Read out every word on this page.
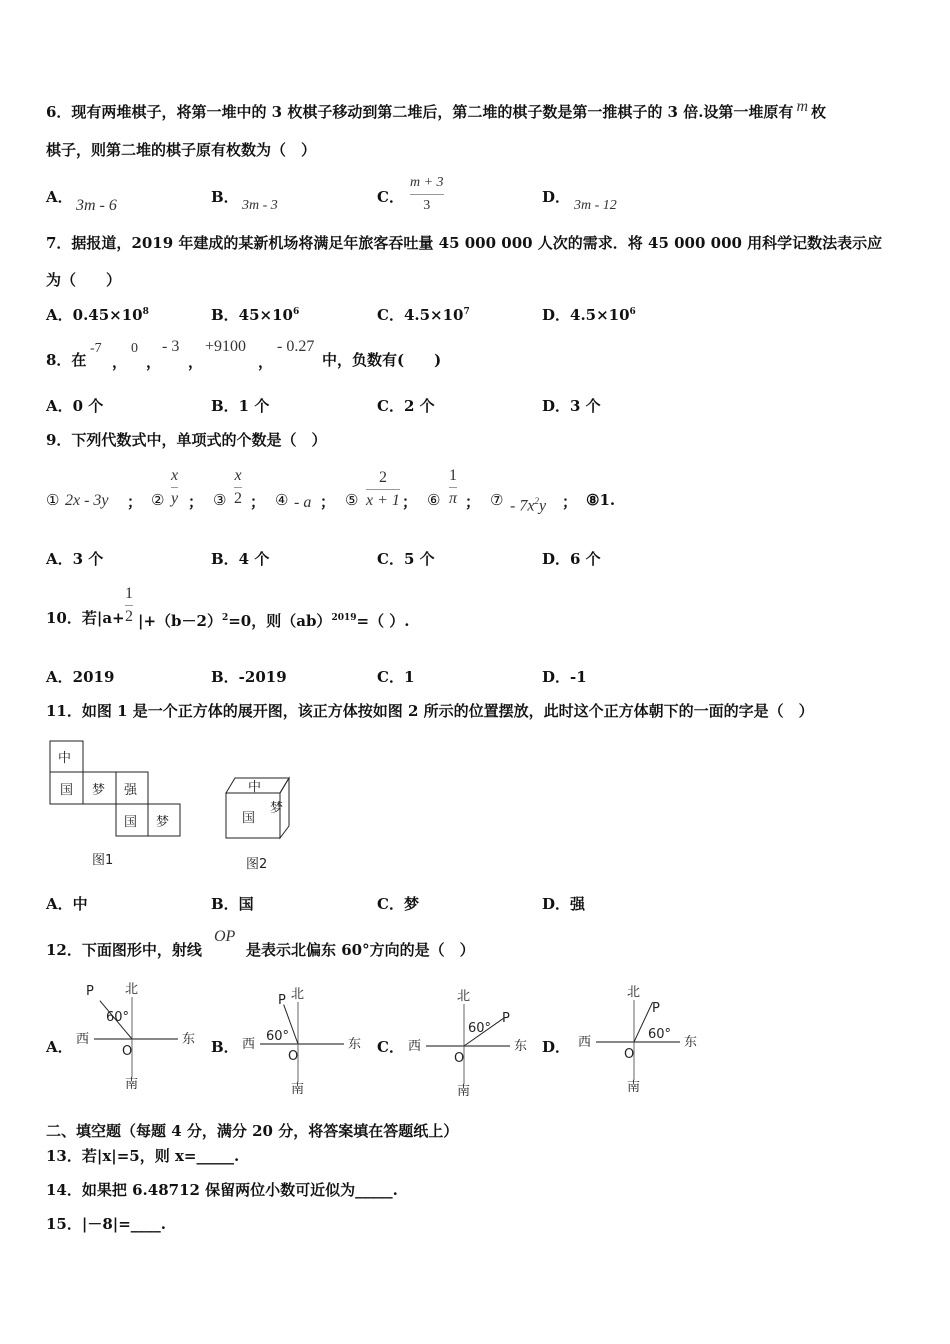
6．现有两堆棋子，将第一堆中的 3 枚棋子移动到第二堆后，第二堆的棋子数是第一推棋子的 3 倍.设第一堆原有 m 枚
棋子，则第二堆的棋子原有枚数为（　）
A． 3m - 6	B． 3m - 3	C．
m + 3
3	D． 3m - 12
7．据报道，2019 年建成的某新机场将满足年旅客吞吐量 45 000 000 人次的需求．将 45 000 000 用科学记数法表示应
为（　　）
A．$0.45\times 10^8$	B．$45\times 10^6$	C．$4.5\times 10^7$	D．$4.5\times 10^6$
8．在
-7
，
0
，
- 3
，
+9100
，
- 0.27
中，负数有(　　)
A．0 个	B．1 个	C．2 个	D．3 个
9．下列代数式中，单项式的个数是（　）
① 2x - 3y ； ②
x
y ； ③
x
2 ； ④ - a ； ⑤
2
x + 1 ； ⑥
1
π ； ⑦ - $7x^2y$ ； ⑧1.
A．3 个	B．4 个	C．5 个	D．6 个
10．若|a+
1
2 $|+(b-2)^2=0$，则（ab）$^{2019}$=（ ）.
A．2019	B．-2019	C．1	D．-1
11．如图 1 是一个正方体的展开图，该正方体按如图 2 所示的位置摆放，此时这个正方体朝下的一面的字是（　）
中
国 梦 强
国 梦
图1
中
国
梦
图2
A．中	B．国	C．梦	D．强
12．下面图形中，射线
OP
是表示北偏东 60°方向的是（　）
A．	B．	C．	D．
北
南
西	东
O
P
60°
北
南
西	东
O
P
60°
北
南
西	东
O
P
60°
北
南
西	东
O
P
60°
二、填空题（每题 4 分，满分 20 分，将答案填在答题纸上）
13．若|x|=5，则 x=_____.
14．如果把 6.48712 保留两位小数可近似为_____.
15．|－8|=____.
